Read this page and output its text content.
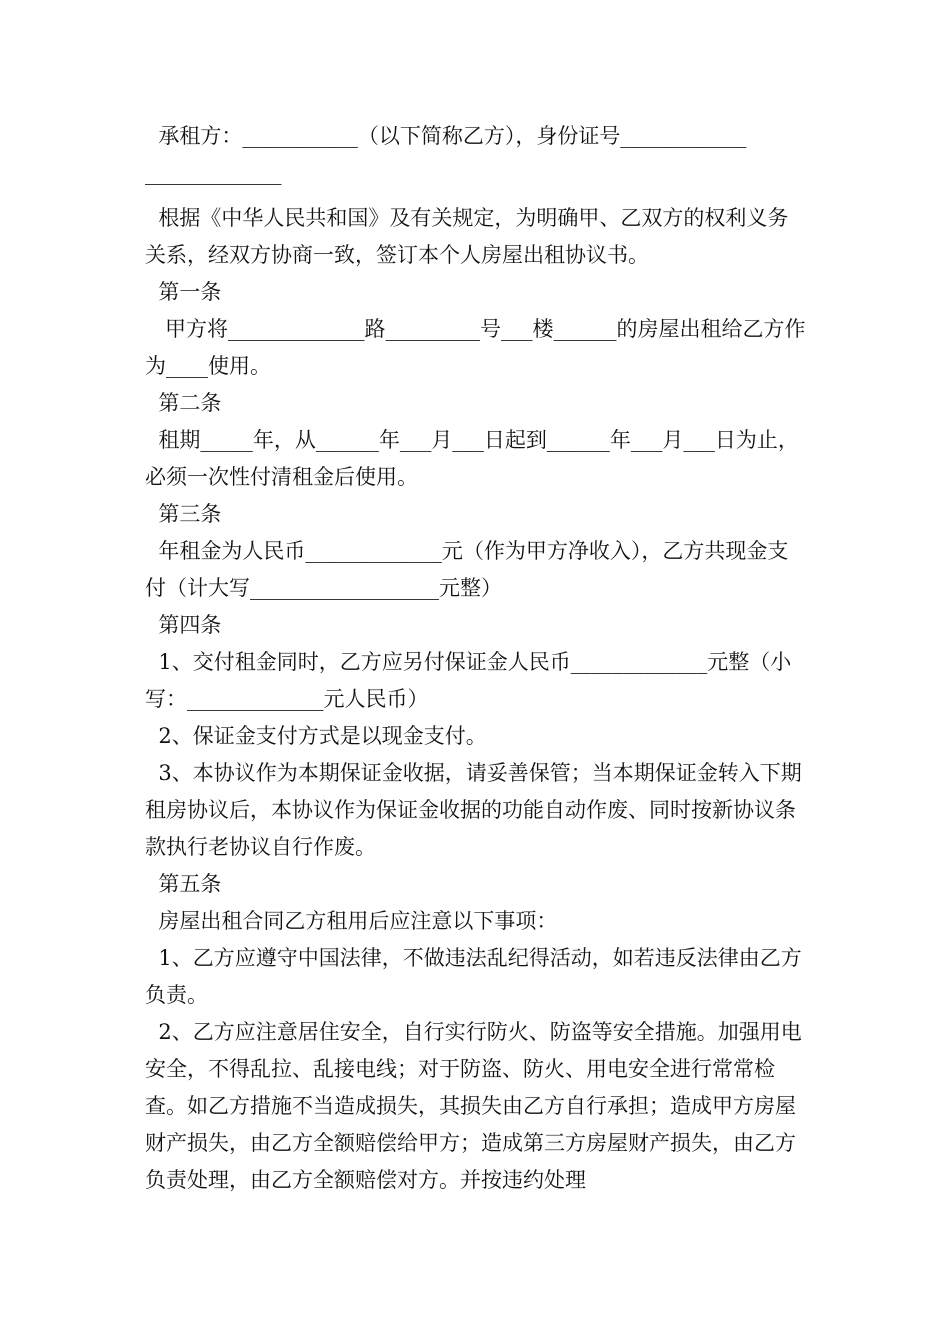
承租方：___________（以下简称乙方），身份证号____________

_____________

根据《中华人民共和国》及有关规定，为明确甲、乙双方的权利义务关系，经双方协商一致，签订本个人房屋出租协议书。

第一条

甲方将_____________路_________号___楼______的房屋出租给乙方作为____使用。

第二条

租期_____年，从______年___月___日起到______年___月___日为止，必须一次性付清租金后使用。

第三条

年租金为人民币_____________元（作为甲方净收入），乙方共现金支付（计大写__________________元整）

第四条

1、交付租金同时，乙方应另付保证金人民币_____________元整（小写：_____________元人民币）

2、保证金支付方式是以现金支付。

3、本协议作为本期保证金收据，请妥善保管；当本期保证金转入下期租房协议后，本协议作为保证金收据的功能自动作废、同时按新协议条款执行老协议自行作废。

第五条

房屋出租合同乙方租用后应注意以下事项：

1、乙方应遵守中国法律，不做违法乱纪得活动，如若违反法律由乙方负责。

2、乙方应注意居住安全，自行实行防火、防盗等安全措施。加强用电安全，不得乱拉、乱接电线；对于防盗、防火、用电安全进行常常检查。如乙方措施不当造成损失，其损失由乙方自行承担；造成甲方房屋财产损失，由乙方全额赔偿给甲方；造成第三方房屋财产损失，由乙方负责处理，由乙方全额赔偿对方。并按违约处理
